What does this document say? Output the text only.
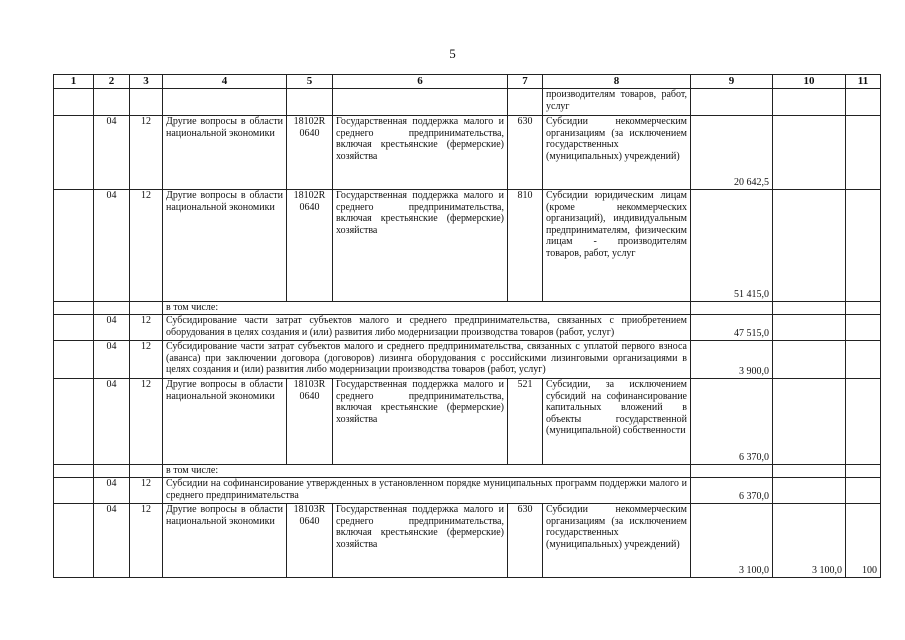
5
1	2	3	4	5	6	7	8	9	10	11
							производителям товаров, работ, услуг			
	04	12	Другие вопросы в области национальной экономики	18102R 0640	Государственная поддержка малого и среднего предпринимательства, включая крестьянские (фермерские) хозяйства	630	Субсидии некоммерческим организациям (за исключением государственных (муниципальных) учреждений)	20 642,5		
	04	12	Другие вопросы в области национальной экономики	18102R 0640	Государственная поддержка малого и среднего предпринимательства, включая крестьянские (фермерские) хозяйства	810	Субсидии юридическим лицам (кроме некоммерческих организаций), индивидуальным предпринимателям, физическим лицам - производителям товаров, работ, услуг	51 415,0		
			в том числе:							
	04	12	Субсидирование части затрат субъектов малого и среднего предпринимательства, связанных с приобретением оборудования в целях создания и (или) развития либо модернизации производства товаров (работ, услуг)					47 515,0		
	04	12	Субсидирование части затрат субъектов малого и среднего предпринимательства, связанных с уплатой первого взноса (аванса) при заключении договора (договоров) лизинга оборудования с российскими лизинговыми организациями в целях создания и (или) развития либо модернизации производства товаров (работ, услуг)					3 900,0		
	04	12	Другие вопросы в области национальной экономики	18103R 0640	Государственная поддержка малого и среднего предпринимательства, включая крестьянские (фермерские) хозяйства	521	Субсидии, за исключением субсидий на софинансирование капитальных вложений в объекты государственной (муниципальной) собственности	6 370,0		
			в том числе:							
	04	12	Субсидии на софинансирование утвержденных в установленном порядке муниципальных программ поддержки малого и среднего предпринимательства					6 370,0		
	04	12	Другие вопросы в области национальной экономики	18103R 0640	Государственная поддержка малого и среднего предпринимательства, включая крестьянские (фермерские) хозяйства	630	Субсидии некоммерческим организациям (за исключением государственных (муниципальных) учреждений)	3 100,0	3 100,0	100
